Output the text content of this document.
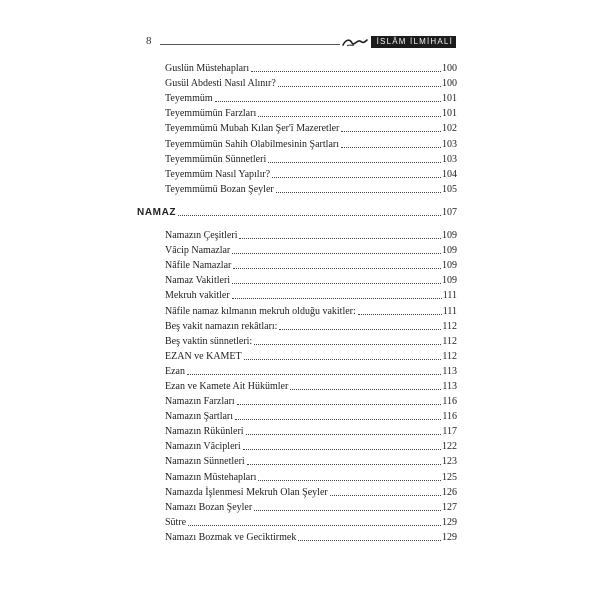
8	İSLÂM İLMİHALİ
Guslün Müstehapları	100
Gusül Abdesti Nasıl Alınır?	100
Teyemmüm	101
Teyemmümün Farzları	101
Teyemmümü Mubah Kılan Şer'î Mazeretler	102
Teyemmümün Sahih Olabilmesinin Şartları	103
Teyemmümün Sünnetleri	103
Teyemmüm Nasıl Yapılır?	104
Teyemmümü Bozan Şeyler	105
NAMAZ	107
Namazın Çeşitleri	109
Vâcip Namazlar	109
Nâfile Namazlar	109
Namaz Vakitleri	109
Mekruh vakitler	111
Nâfile namaz kılmanın mekruh olduğu vakitler:	111
Beş vakit namazın rekâtları:	112
Beş vaktin sünnetleri:	112
EZAN ve KAMET	112
Ezan	113
Ezan ve Kamete Ait Hükümler	113
Namazın Farzları	116
Namazın Şartları	116
Namazın Rükünleri	117
Namazın Vâcipleri	122
Namazın Sünnetleri	123
Namazın Müstehapları	125
Namazda İşlenmesi Mekruh Olan Şeyler	126
Namazı Bozan Şeyler	127
Sütre	129
Namazı Bozmak ve Geciktirmek	129
